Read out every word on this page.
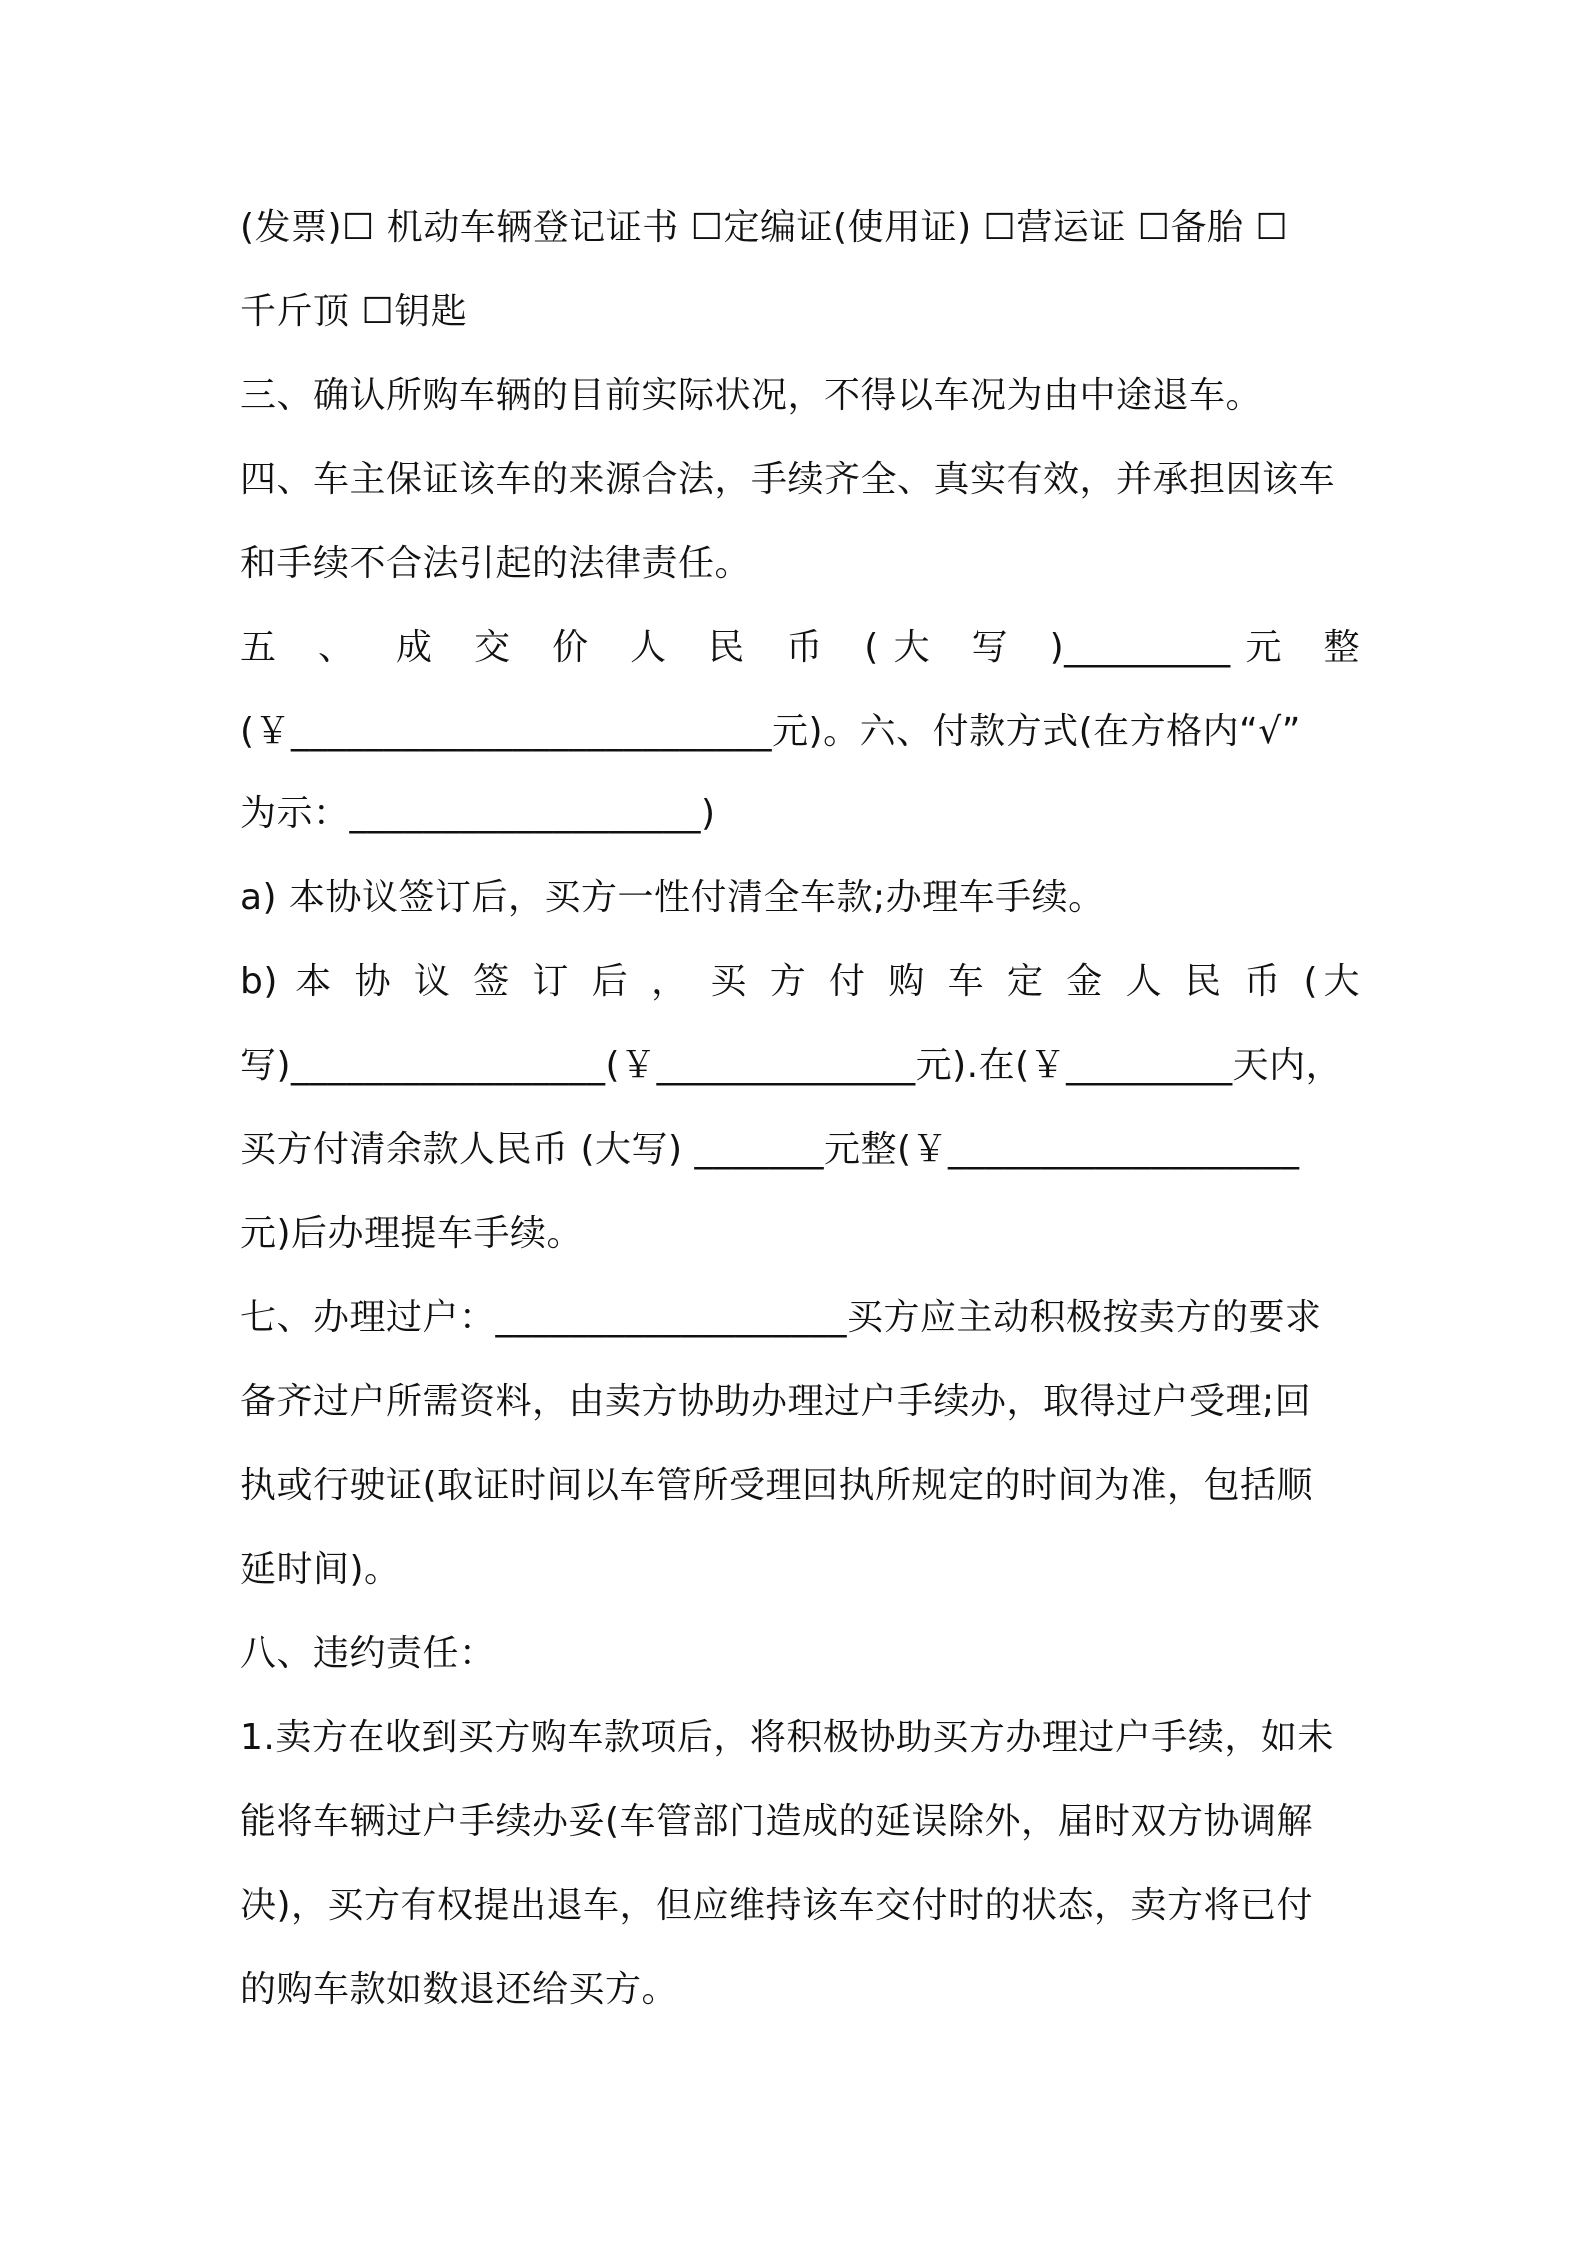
(发票)☐ 机动车辆登记证书 ☐定编证(使用证) ☐营运证 ☐备胎 ☐
千斤顶 ☐钥匙
三、确认所购车辆的目前实际状况，不得以车况为由中途退车。
四、车主保证该车的来源合法，手续齐全、真实有效，并承担因该车
和手续不合法引起的法律责任。
五 、 成 交 价 人 民 币 (大 写 )_________元 整
(￥__________________________元)。六、付款方式(在方格内“√”
为示：___________________)
a) 本协议签订后，买方一性付清全车款;办理车手续。
b) 本 协 议 签 订 后 ， 买 方 付 购 车 定 金 人 民 币 (大
写)_________________(￥______________元).在(￥_________天内，
买方付清余款人民币 (大写) _______元整(￥___________________
元)后办理提车手续。
七、办理过户：___________________买方应主动积极按卖方的要求
备齐过户所需资料，由卖方协助办理过户手续办，取得过户受理;回
执或行驶证(取证时间以车管所受理回执所规定的时间为准，包括顺
延时间)。
八、违约责任：
1.卖方在收到买方购车款项后，将积极协助买方办理过户手续，如未
能将车辆过户手续办妥(车管部门造成的延误除外，届时双方协调解
决)，买方有权提出退车，但应维持该车交付时的状态，卖方将已付
的购车款如数退还给买方。
